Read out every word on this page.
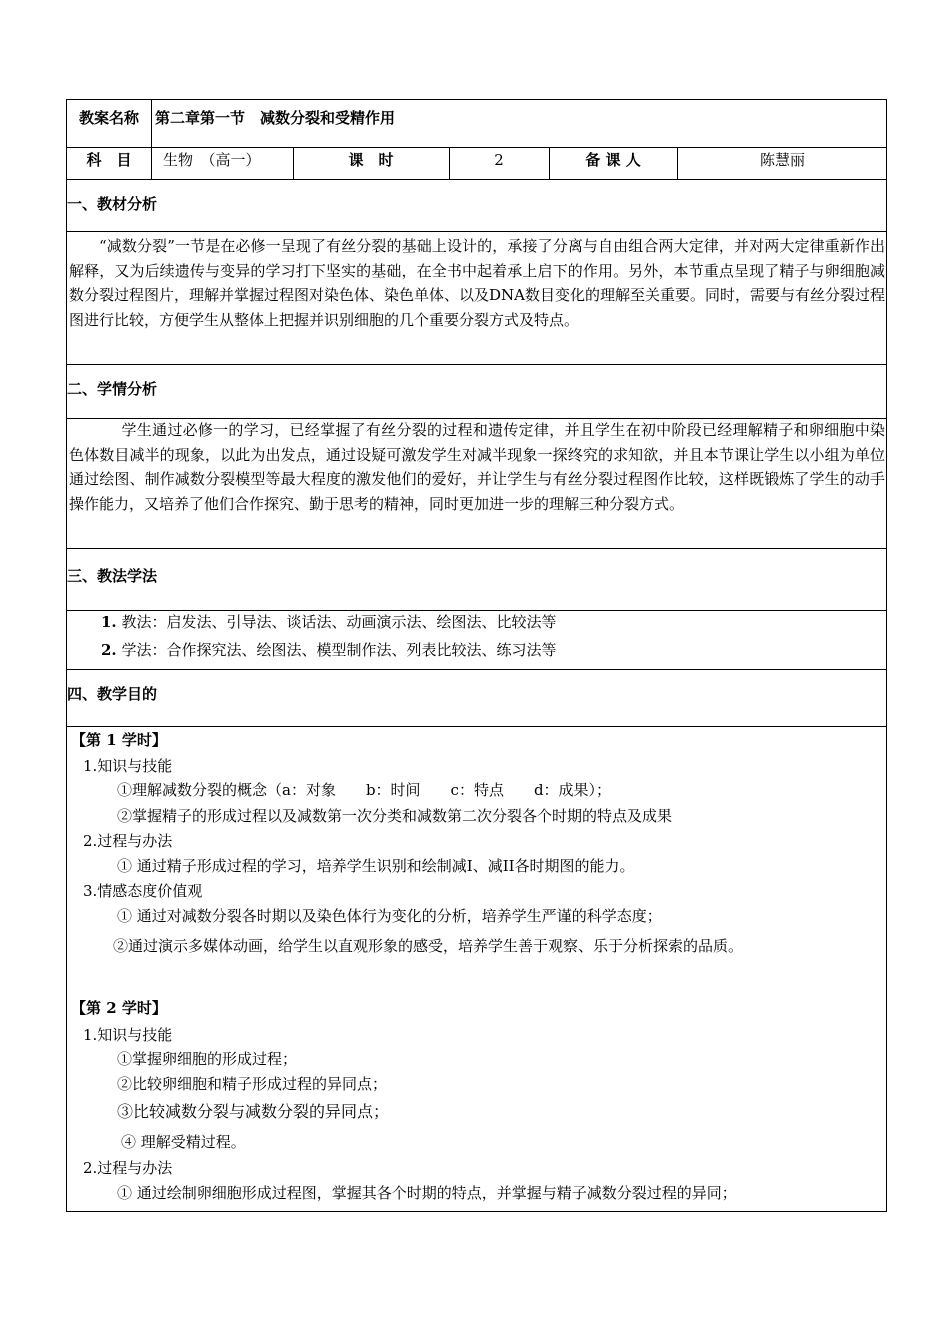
教案名称	第二章第一节　减数分裂和受精作用
科　目	生物　（高一）	课　时	2	备 课 人	陈慧丽
一、教材分析
“减数分裂”一节是在必修一呈现了有丝分裂的基础上设计的，承接了分离与自由组合两大定律，并对两大定律重新作出解释，又为后续遗传与变异的学习打下坚实的基础，在全书中起着承上启下的作用。另外，本节重点呈现了精子与卵细胞减数分裂过程图片，理解并掌握过程图对染色体、染色单体、以及DNA数目变化的理解至关重要。同时，需要与有丝分裂过程图进行比较，方便学生从整体上把握并识别细胞的几个重要分裂方式及特点。
二、学情分析
学生通过必修一的学习，已经掌握了有丝分裂的过程和遗传定律，并且学生在初中阶段已经理解精子和卵细胞中染色体数目减半的现象，以此为出发点，通过设疑可激发学生对减半现象一探终究的求知欲，并且本节课让学生以小组为单位通过绘图、制作减数分裂模型等最大程度的激发他们的爱好，并让学生与有丝分裂过程图作比较，这样既锻炼了学生的动手操作能力，又培养了他们合作探究、勤于思考的精神，同时更加进一步的理解三种分裂方式。
三、教法学法
1. 教法：启发法、引导法、谈话法、动画演示法、绘图法、比较法等
2. 学法：合作探究法、绘图法、模型制作法、列表比较法、练习法等
四、教学目的
【第 1 学时】
1.知识与技能
①理解减数分裂的概念（a：对象　　b：时间　　c：特点　　d：成果）；
②掌握精子的形成过程以及减数第一次分类和减数第二次分裂各个时期的特点及成果
2.过程与办法
① 通过精子形成过程的学习，培养学生识别和绘制减Ⅰ、减ⅠⅠ各时期图的能力。
3.情感态度价值观
① 通过对减数分裂各时期以及染色体行为变化的分析，培养学生严谨的科学态度；
②通过演示多媒体动画，给学生以直观形象的感受，培养学生善于观察、乐于分析探索的品质。
【第 2 学时】
1.知识与技能
①掌握卵细胞的形成过程；
②比较卵细胞和精子形成过程的异同点；
③比较减数分裂与减数分裂的异同点；
④ 理解受精过程。
2.过程与办法
① 通过绘制卵细胞形成过程图，掌握其各个时期的特点，并掌握与精子减数分裂过程的异同；
